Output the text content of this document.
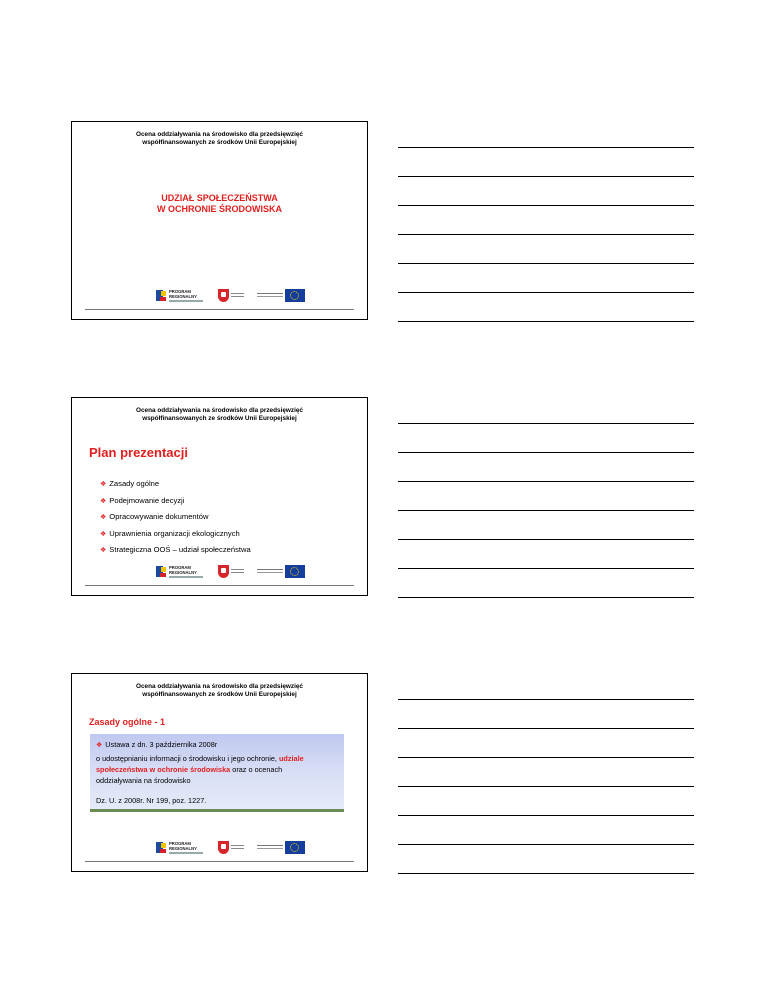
Ocena oddziaływania na środowisko dla przedsięwzięć
współfinansowanych ze środków Unii Europejskiej
UDZIAŁ SPOŁECZEŃSTWA
W OCHRONIE ŚRODOWISKA
PROGRAM
REGIONALNY
Ocena oddziaływania na środowisko dla przedsięwzięć
współfinansowanych ze środków Unii Europejskiej
Plan prezentacji
❖ Zasady ogólne
❖ Podejmowanie decyzji
❖ Opracowywanie dokumentów
❖ Uprawnienia organizacji ekologicznych
❖ Strategiczna OOŚ – udział społeczeństwa
PROGRAM
REGIONALNY
Ocena oddziaływania na środowisko dla przedsięwzięć
współfinansowanych ze środków Unii Europejskiej
Zasady ogólne - 1
❖ Ustawa z dn. 3 października 2008r
o udostępnianiu informacji o środowisku i jego ochronie, udziale
społeczeństwa w ochronie środowiska oraz o ocenach
oddziaływania na środowisko
Dz. U. z 2008r. Nr 199, poz. 1227.
PROGRAM
REGIONALNY
